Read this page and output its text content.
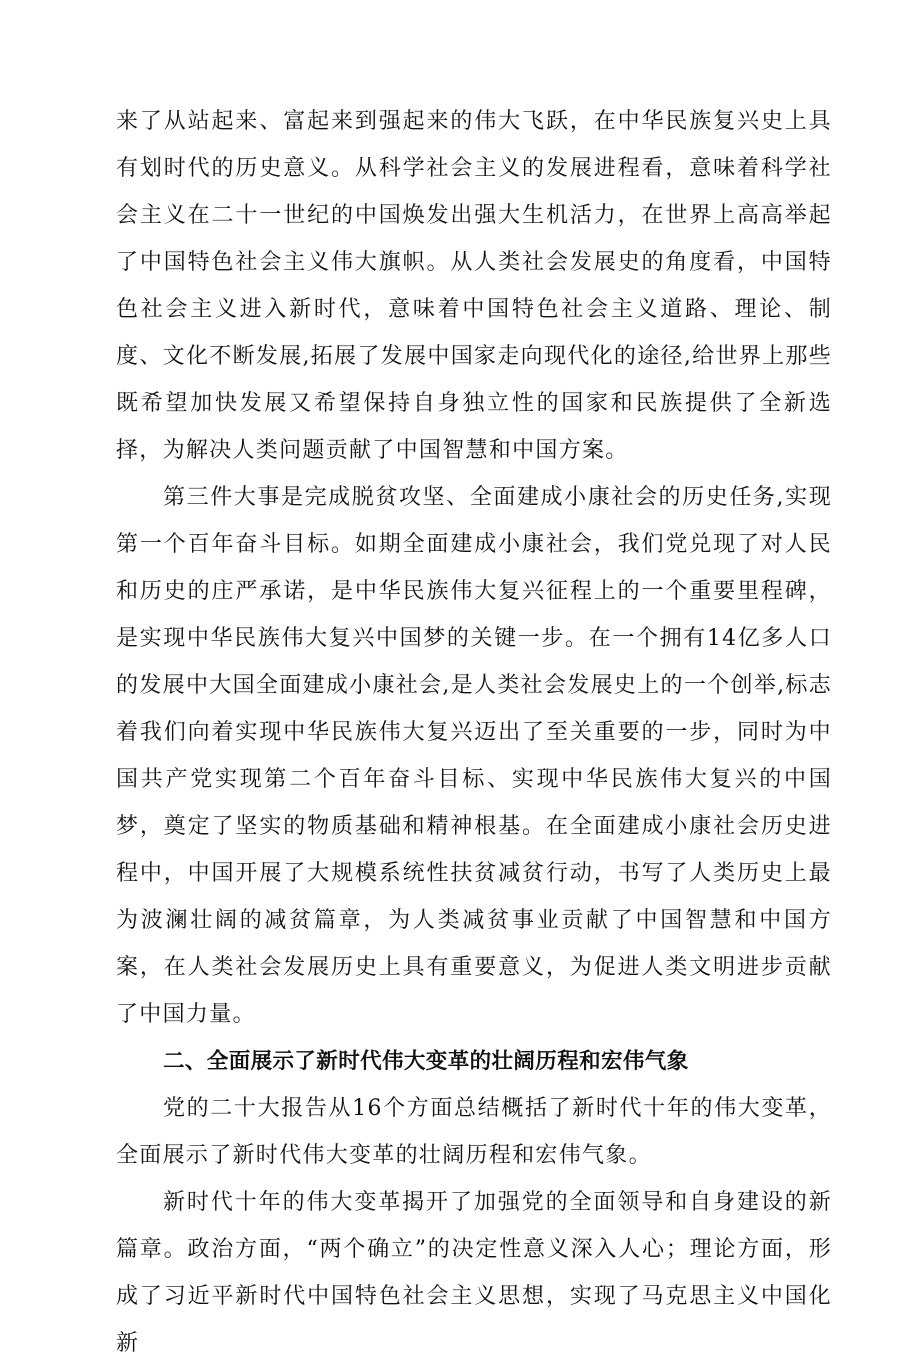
来了从站起来、富起来到强起来的伟大飞跃，在中华民族复兴史上具有划时代的历史意义。从科学社会主义的发展进程看，意味着科学社会主义在二十一世纪的中国焕发出强大生机活力，在世界上高高举起了中国特色社会主义伟大旗帜。从人类社会发展史的角度看，中国特色社会主义进入新时代，意味着中国特色社会主义道路、理论、制度、文化不断发展,拓展了发展中国家走向现代化的途径,给世界上那些既希望加快发展又希望保持自身独立性的国家和民族提供了全新选择，为解决人类问题贡献了中国智慧和中国方案。

第三件大事是完成脱贫攻坚、全面建成小康社会的历史任务,实现第一个百年奋斗目标。如期全面建成小康社会，我们党兑现了对人民和历史的庄严承诺，是中华民族伟大复兴征程上的一个重要里程碑，是实现中华民族伟大复兴中国梦的关键一步。在一个拥有14亿多人口的发展中大国全面建成小康社会,是人类社会发展史上的一个创举,标志着我们向着实现中华民族伟大复兴迈出了至关重要的一步，同时为中国共产党实现第二个百年奋斗目标、实现中华民族伟大复兴的中国梦，奠定了坚实的物质基础和精神根基。在全面建成小康社会历史进程中，中国开展了大规模系统性扶贫减贫行动，书写了人类历史上最为波澜壮阔的减贫篇章，为人类减贫事业贡献了中国智慧和中国方案，在人类社会发展历史上具有重要意义，为促进人类文明进步贡献了中国力量。

二、全面展示了新时代伟大变革的壮阔历程和宏伟气象

党的二十大报告从16个方面总结概括了新时代十年的伟大变革，全面展示了新时代伟大变革的壮阔历程和宏伟气象。

新时代十年的伟大变革揭开了加强党的全面领导和自身建设的新篇章。政治方面，“两个确立”的决定性意义深入人心；理论方面，形成了习近平新时代中国特色社会主义思想，实现了马克思主义中国化新
